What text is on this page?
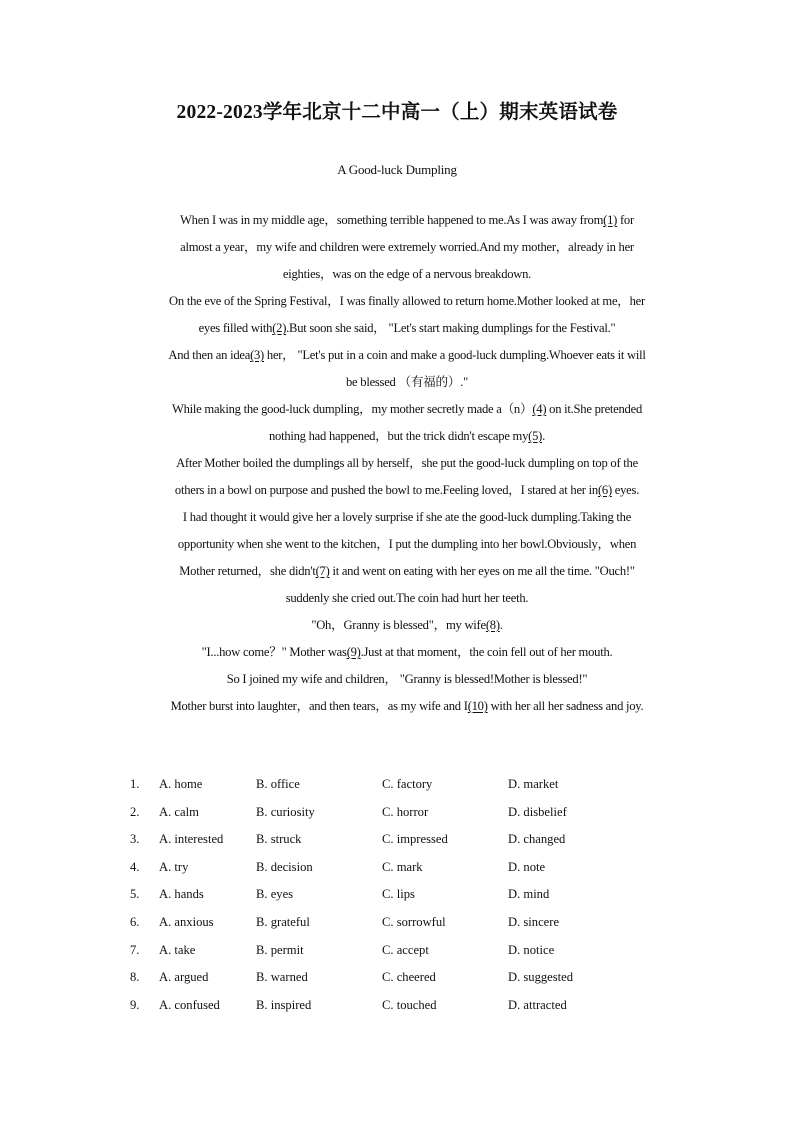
2022-2023学年北京十二中高一（上）期末英语试卷
A Good-luck Dumpling

When I was in my middle age，something terrible happened to me.As I was away from(1) for

almost a year，my wife and children were extremely worried.And my mother，already in her

eighties，was on the edge of a nervous breakdown.

On the eve of the Spring Festival，I was finally allowed to return home.Mother looked at me，her

eyes filled with(2).But soon she said， "Let's start making dumplings for the Festival."

And then an idea(3) her， "Let's put in a coin and make a good-luck dumpling.Whoever eats it will

be blessed （有福的）."

While making the good-luck dumpling，my mother secretly made a（n）(4) on it.She pretended

nothing had happened，but the trick didn't escape my(5).

After Mother boiled the dumplings all by herself，she put the good-luck dumpling on top of the

others in a bowl on purpose and pushed the bowl to me.Feeling loved，I stared at her in(6) eyes.

I had thought it would give her a lovely surprise if she ate the good-luck dumpling.Taking the

opportunity when she went to the kitchen，I put the dumpling into her bowl.Obviously，when

Mother returned，she didn't(7) it and went on eating with her eyes on me all the time. "Ouch!"

suddenly she cried out.The coin had hurt her teeth.

"Oh，Granny is blessed"，my wife(8).

"I...how come？" Mother was(9).Just at that moment，the coin fell out of her mouth.

So I joined my wife and children， "Granny is blessed!Mother is blessed!"

Mother burst into laughter，and then tears，as my wife and I(10) with her all her sadness and joy.

1. A. home	B. office	C. factory	D. market
2. A. calm	B. curiosity	C. horror	D. disbelief
3. A. interested	B. struck	C. impressed	D. changed
4. A. try	B. decision	C. mark	D. note
5. A. hands	B. eyes	C. lips	D. mind
6. A. anxious	B. grateful	C. sorrowful	D. sincere
7. A. take	B. permit	C. accept	D. notice
8. A. argued	B. warned	C. cheered	D. suggested
9. A. confused	B. inspired	C. touched	D. attracted
